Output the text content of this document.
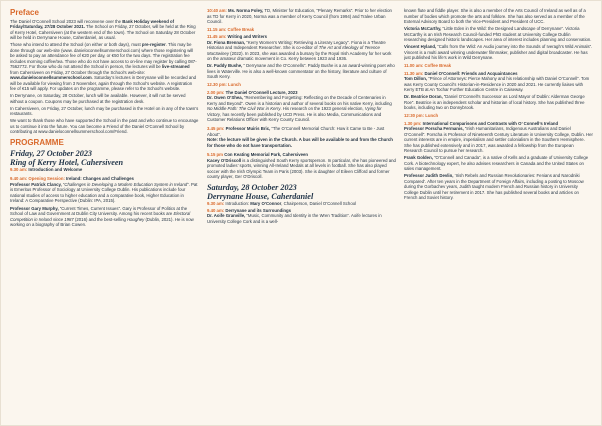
Preface

The Daniel O’Connell School 2023 will reconvene over the Bank Holiday weekend of Friday/Saturday, 27/28 October 2021. The School on Friday, 27 October, will be held at the Ring of Kerry Hotel, Cahersiveen (at the western end of the town). The School on Saturday 28 October will be held in Derrynane House, Caherdaniel, as usual.

Those who intend to attend the School (on either or both days), must pre-register. This may be done through our web-site (www. danieloconnellsummerschool.com) where those registering will be asked to pay an attendance fee of €20 per day, or €50 for the two days. The registration fee includes morning coffee/tea. Those who do not have access to on-line may register by calling 087-7562772. For those who do not attend the School in person, the lectures will be live-streamed from Cahersiveen on Friday, 27 October through the School’s web-site: www.danieloconnellsummerschool.com. Saturday’s lectures in Derrynane will be recorded and will be available for viewing from 3 November, again through the School’s website. A registration fee of €15 will apply. For updates on the programme, please refer to the School’s website.

In Derrynane, on Saturday, 28 October, lunch will be available. However, it will not be served without a coupon. Coupons may be purchased at the registration desk.

In Cahersiveen, on Friday, 27 October, lunch may be purchased in the Hotel on in any of the town’s restaurants.

We want to thank those who have supported the School in the past and who continue to encourage us to continue it into the future. You can become a Friend of the Daniel O’Connell School by contributing at www.danieloconnellsummerschool.com/Friend.

PROGRAMME
Friday, 27 October 2023
Ring of Kerry Hotel, Cahersiveen

9.30 am: Introduction and Welcome

9.40 am: Opening Session: Ireland: Changes and Challenges
Professor Patrick Clancy, “Challenges in Developing a Modern Education System in Ireland”. Pat is Emeritus Professor of Sociology at University College Dublin. His publications include four national studies of access to higher education and a comparative book, Higher Education in Ireland: A Comparative Perspective (Dublin: IPA, 2015).

Professor Gary Murphy, “Current Times, Current Issues”. Gary is Professor of Politics at the School of Law and Government at Dublin City University. Among his recent books are Electoral Competition in Ireland since 1987 (2016) and the best-selling Haughey (Dublin, 2021). He is now working on a biography of Brian Cowen.

10:40 am: Ms. Norma Foley, TD, Minister for Education, “Plenary Remarks”. Prior to her election as TD for Kerry in 2020, Norma was a member of Kerry Council (from 1994) and Tralee Urban Council.

11.15 am: Coffee Break

11.45 am: Writing and Writers
Dr. Fiona Brennan, “Kerry Women’s Writing: Retrieving a Literary Legacy”. Fiona is a Theatre Historian and Independent Researcher. She is co-editor of The Art and Ideology of Terence MacSwiney (2022). In 2023, she was awarded a bursary by the Royal Irish Academy for her work on the amateur dramatic movement in Co. Kerry between 1923 and 1936.

Dr. Paddy Bushe, “ Derrynane and the O’Connells”. Paddy Bushe is a an award-winning poet who lives in Waterville. He is also a well-known commentator on the history, literature and culture of South Kerry.

12.30 pm: Lunch

2.00 pm: The Daniel O’Connell Lecture, 2023
Dr. Owen O’Shea, “Remembering and Forgetting: Reflecting on the Decade of Centenaries in Kerry and Beyond”. Owen is a historian and author of several books on his native Kerry, including No Middle Path: The Civil War in Kerry. His research on the 1923 general election, Vying for Victory, has recently been published by UCD Press. He is also Media, Communications and Customer Relations Officer with Kerry County Council.

3.45 pm: Professor Muiris Bric, “The O’Connell Memorial Church: How it Came to Be - Just About”.
Note: the lecture will be given in the Church. A bus will be available to and from the Church for those who do not have transportation.

5.15 pm Con Keating Memorial Park, Cahersiveen
Kacey O’Driscoll is a distinguished South Kerry sportsperson. In particular, she has pioneered and promoted ladies’ sports, winning All-Ireland Medals at all levels in football. She has also played soccer with the Irish Olympic Team in Paris (2003). She is daughter of Eileen Clifford and former county player, Ger O’Driscoll.

Saturday, 28 October 2023
Derrynane House, Caherdaniel

9.30 am: Introduction: Mary O’Connor, Chairperson, Daniel O’Connell School

9.40 am: Derrynane and its Surroundings
Dr. Aoife Granville, “Music, Community and Identity in the Wren Tradition”. Aoife lectures in University College Cork and is a well-

known flute and fiddle player. She is also a member of the Arts Council of Ireland as well as of a number of bodies which promote the arts and folklore. She has also served as a member of the External Advisory Board to both the Vice-President and President of UCC.

Victoria McCarthy, “Little Eden in the Wild: the Designed Landscape of Derrynane”. Victoria McCarthy is an Irish Research Council-funded PhD student at University College Dublin researching designed historic landscapes. Her area of interest includes planning and conservation.

Vincent Hyland, “Calls from the Wild: An Audio journey into the Sounds of Iveragh’s Wild Animals”. Vincent is a multi award winning underwater filmmaker, publisher and digital broadcaster. He has just published his life’s work in Wild Derrynane.

11.00 am: Coffee Break

11.30 am: Daniel O’Connell: Friends and Acquaintances
Tom Dillon, “Prince of Attorneys: Pierce Mahony and his relationship with Daniel O’Connell”. Tom was Kerry County Council’s Historian-in-Residence in 2020 and 2021. He currently liaises with Kerry ETB at An Tochar Further Education Centre in Caiseway.

Dr. Beatrice Doran, “Daniel O’Connell’s Successor as Lord Mayor of Dublin: Alderman George Roe”. Beatrice is an independent scholar and historian of local history. She has published three books, including two on Donnybrook.

12:30 pm: Lunch

1.30 pm: International Comparisons and Contrasts with O’ Connell’s Ireland
Professor Porscha Fermanis, “Irish Humanitarians, Indigenous Australians and Daniel O’Connell”. Porscha is Professor of Nineteenth Century Literature in University College, Dublin. Her current interests are in empire, imperialism and settler colonialism in the Southern Hemisphere. She has published extensively and in 2017, was awarded a fellowship from the European Research Council to pursue her research.

Frank Golden, “O’Connell and Canada”, is a native of Kells and a graduate of University College Cork. A biotechnology expert, he also advises researchers in Canada and the United States on sales management.

Professor Judith Devlin, ‘Irish Rebels and Russian Revolutionaries: Fenians and Narodniki Compared’. After ten years in the Department of Foreign Affairs, including a posting to Moscow during the Gorbachev years, Judith taught modern French and Russian history in University College Dublin until her retirement in 2017. She has published several books and articles on French and Soviet history.
